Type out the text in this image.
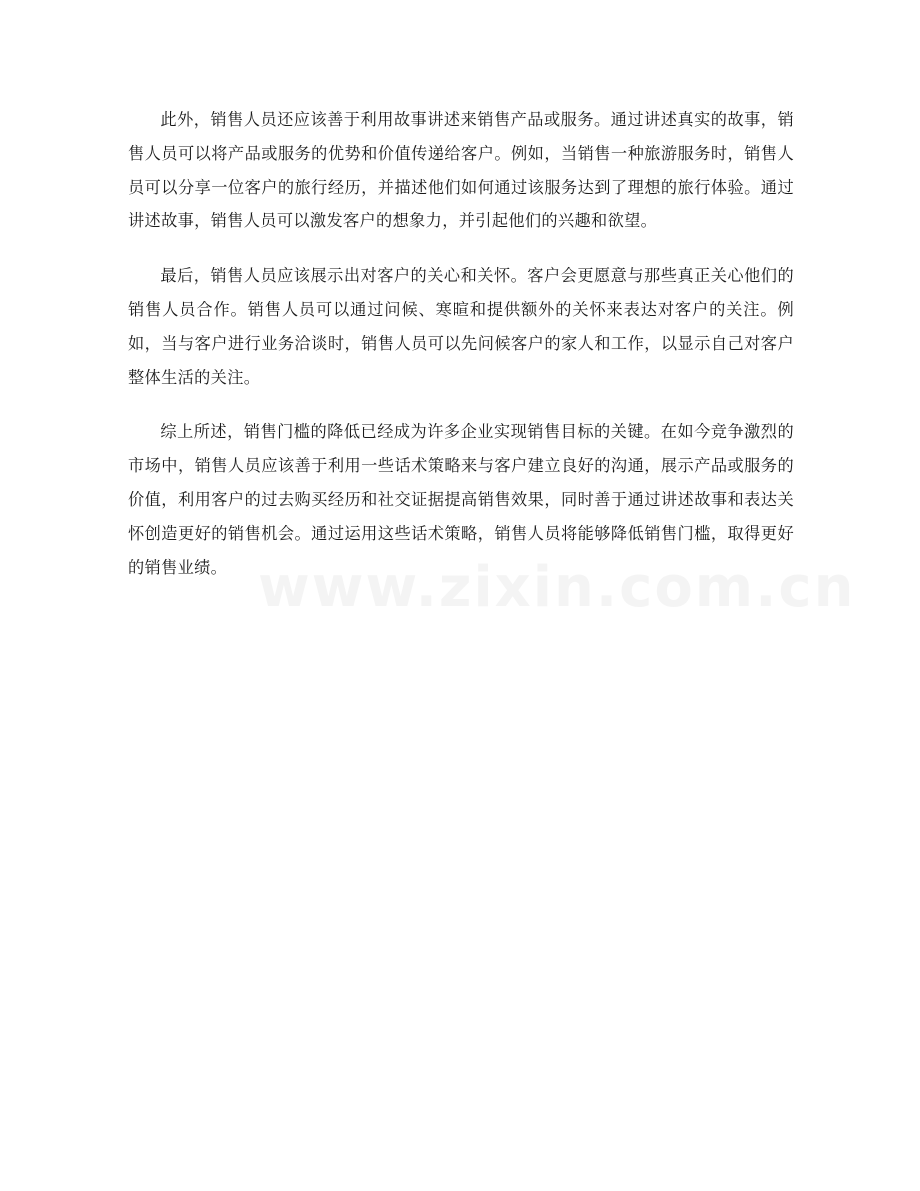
此外，销售人员还应该善于利用故事讲述来销售产品或服务。通过讲述真实的故事，销售人员可以将产品或服务的优势和价值传递给客户。例如，当销售一种旅游服务时，销售人员可以分享一位客户的旅行经历，并描述他们如何通过该服务达到了理想的旅行体验。通过讲述故事，销售人员可以激发客户的想象力，并引起他们的兴趣和欲望。

最后，销售人员应该展示出对客户的关心和关怀。客户会更愿意与那些真正关心他们的销售人员合作。销售人员可以通过问候、寒暄和提供额外的关怀来表达对客户的关注。例如，当与客户进行业务洽谈时，销售人员可以先问候客户的家人和工作，以显示自己对客户整体生活的关注。

综上所述，销售门槛的降低已经成为许多企业实现销售目标的关键。在如今竞争激烈的市场中，销售人员应该善于利用一些话术策略来与客户建立良好的沟通，展示产品或服务的价值，利用客户的过去购买经历和社交证据提高销售效果，同时善于通过讲述故事和表达关怀创造更好的销售机会。通过运用这些话术策略，销售人员将能够降低销售门槛，取得更好的销售业绩。 www.zixin.com.cn
